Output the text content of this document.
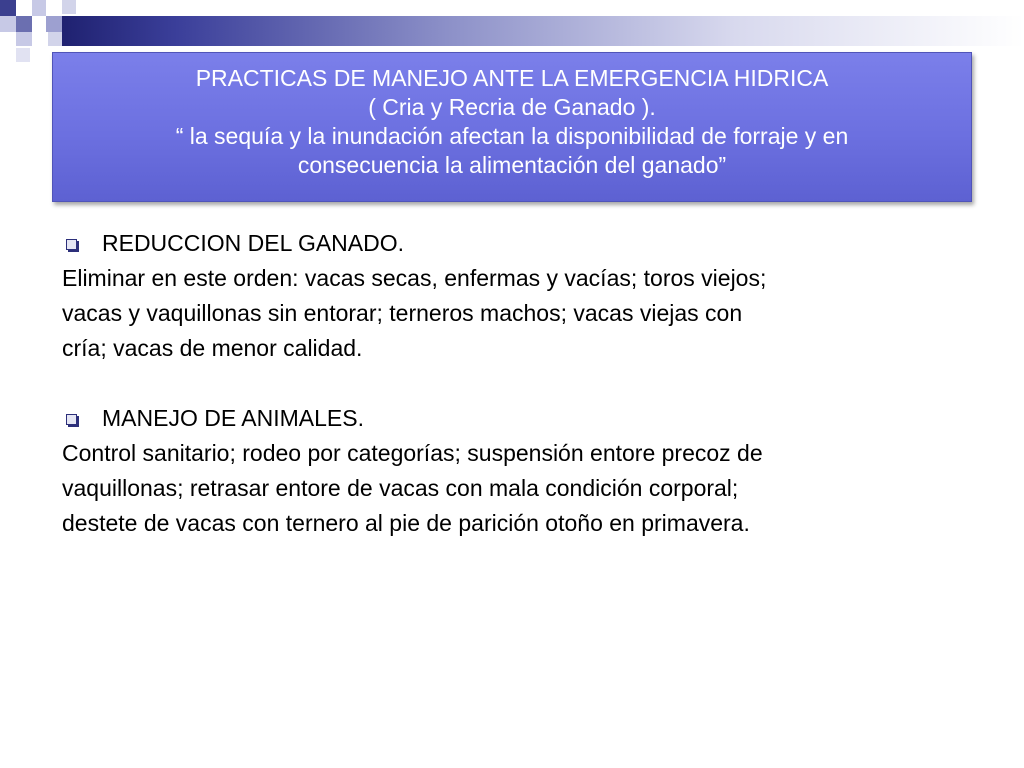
PRACTICAS DE MANEJO ANTE LA EMERGENCIA HIDRICA
( Cria y Recria de Ganado ).
“ la sequía y la inundación afectan la disponibilidad de forraje y en
consecuencia la alimentación del ganado”
REDUCCION DEL GANADO.
Eliminar en este orden: vacas secas, enfermas y vacías; toros viejos;
vacas y vaquillonas sin entorar; terneros machos; vacas viejas con
cría; vacas de menor calidad.
MANEJO DE ANIMALES.
Control sanitario; rodeo por categorías; suspensión entore precoz de
vaquillonas; retrasar entore de vacas con mala condición corporal;
destete de vacas con ternero al pie de parición otoño en primavera.
